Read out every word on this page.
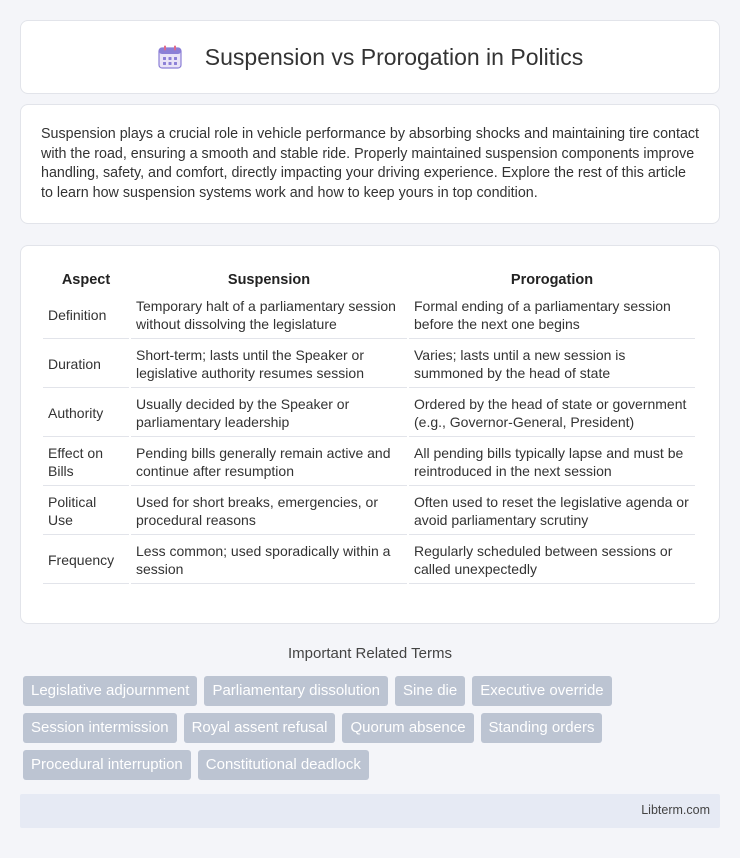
Suspension vs Prorogation in Politics

Suspension plays a crucial role in vehicle performance by absorbing shocks and maintaining tire contact with the road, ensuring a smooth and stable ride. Properly maintained suspension components improve handling, safety, and comfort, directly impacting your driving experience. Explore the rest of this article to learn how suspension systems work and how to keep yours in top condition.

Aspect	Suspension	Prorogation
Definition	Temporary halt of a parliamentary session without dissolving the legislature	Formal ending of a parliamentary session before the next one begins
Duration	Short-term; lasts until the Speaker or legislative authority resumes session	Varies; lasts until a new session is summoned by the head of state
Authority	Usually decided by the Speaker or parliamentary leadership	Ordered by the head of state or government (e.g., Governor-General, President)
Effect on Bills	Pending bills generally remain active and continue after resumption	All pending bills typically lapse and must be reintroduced in the next session
Political Use	Used for short breaks, emergencies, or procedural reasons	Often used to reset the legislative agenda or avoid parliamentary scrutiny
Frequency	Less common; used sporadically within a session	Regularly scheduled between sessions or called unexpectedly
Important Related Terms
Legislative adjournment	Parliamentary dissolution	Sine die	Executive override
Session intermission	Royal assent refusal	Quorum absence	Standing orders
Procedural interruption	Constitutional deadlock
Libterm.com
